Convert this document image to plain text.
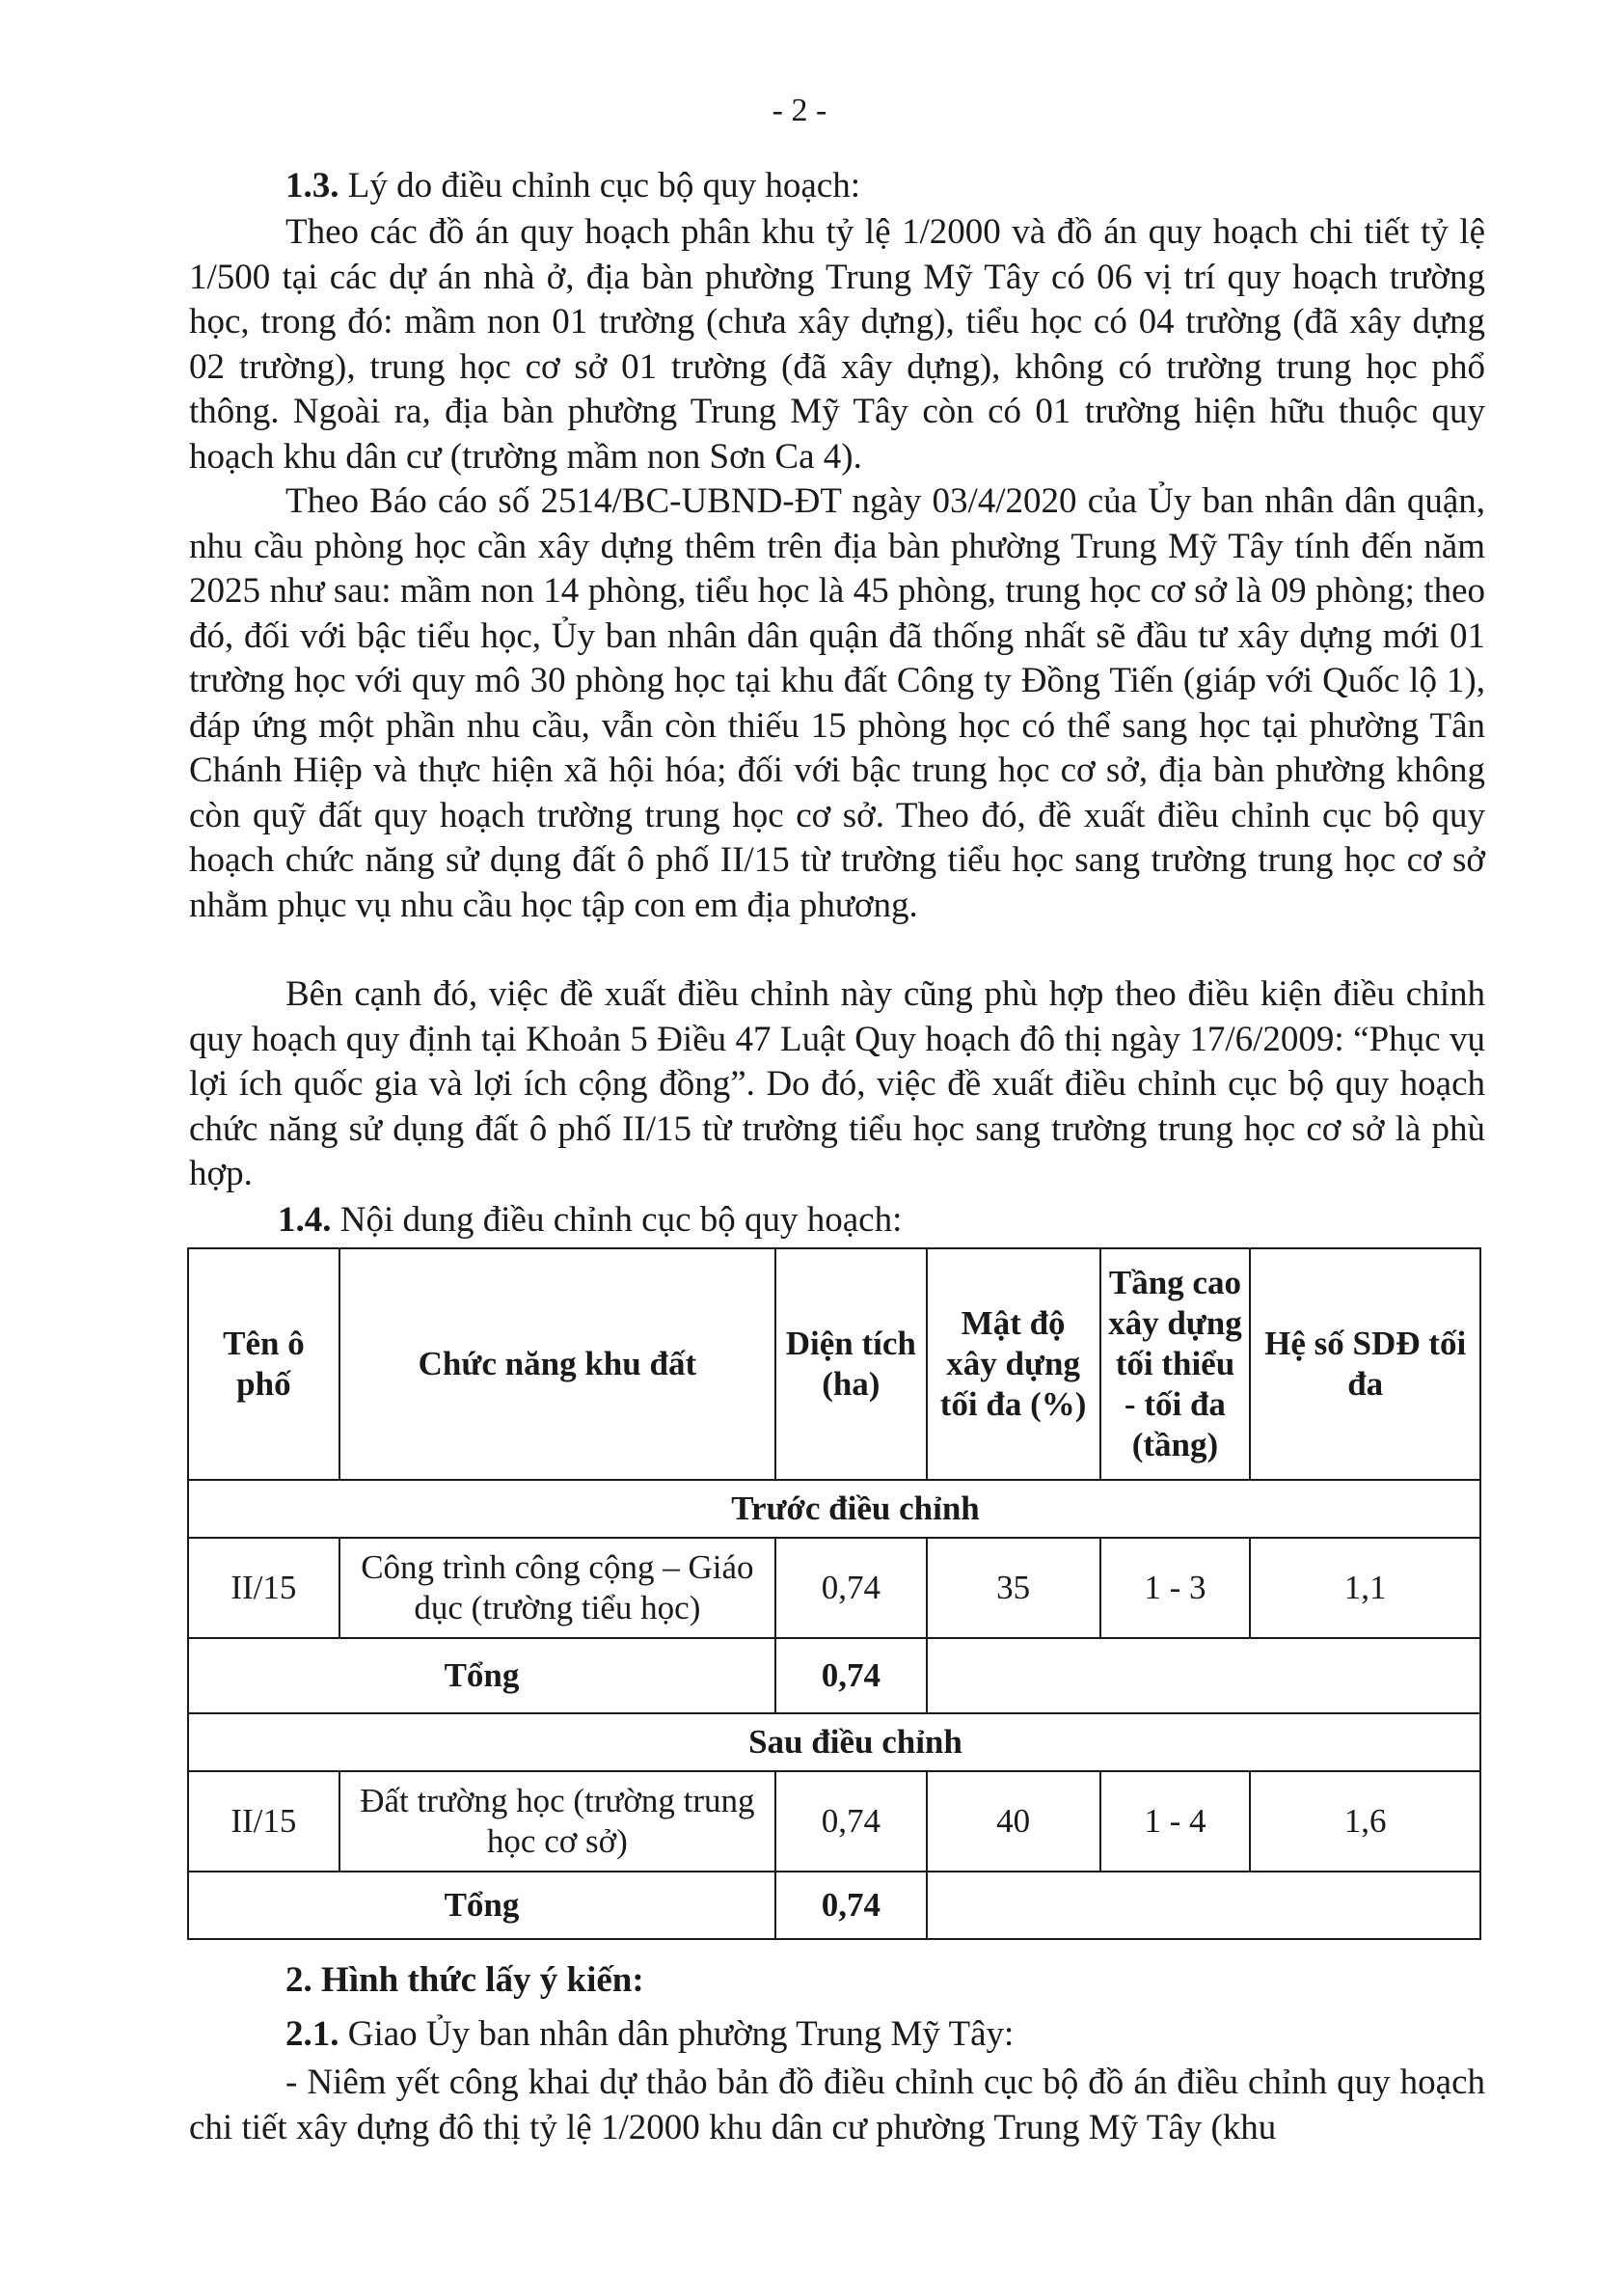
- 2 -
1.3. Lý do điều chỉnh cục bộ quy hoạch:

Theo các đồ án quy hoạch phân khu tỷ lệ 1/2000 và đồ án quy hoạch chi tiết tỷ lệ 1/500 tại các dự án nhà ở, địa bàn phường Trung Mỹ Tây có 06 vị trí quy hoạch trường học, trong đó: mầm non 01 trường (chưa xây dựng), tiểu học có 04 trường (đã xây dựng 02 trường), trung học cơ sở 01 trường (đã xây dựng), không có trường trung học phổ thông. Ngoài ra, địa bàn phường Trung Mỹ Tây còn có 01 trường hiện hữu thuộc quy hoạch khu dân cư (trường mầm non Sơn Ca 4).

Theo Báo cáo số 2514/BC-UBND-ĐT ngày 03/4/2020 của Ủy ban nhân dân quận, nhu cầu phòng học cần xây dựng thêm trên địa bàn phường Trung Mỹ Tây tính đến năm 2025 như sau: mầm non 14 phòng, tiểu học là 45 phòng, trung học cơ sở là 09 phòng; theo đó, đối với bậc tiểu học, Ủy ban nhân dân quận đã thống nhất sẽ đầu tư xây dựng mới 01 trường học với quy mô 30 phòng học tại khu đất Công ty Đồng Tiến (giáp với Quốc lộ 1), đáp ứng một phần nhu cầu, vẫn còn thiếu 15 phòng học có thể sang học tại phường Tân Chánh Hiệp và thực hiện xã hội hóa; đối với bậc trung học cơ sở, địa bàn phường không còn quỹ đất quy hoạch trường trung học cơ sở. Theo đó, đề xuất điều chỉnh cục bộ quy hoạch chức năng sử dụng đất ô phố II/15 từ trường tiểu học sang trường trung học cơ sở nhằm phục vụ nhu cầu học tập con em địa phương.

Bên cạnh đó, việc đề xuất điều chỉnh này cũng phù hợp theo điều kiện điều chỉnh quy hoạch quy định tại Khoản 5 Điều 47 Luật Quy hoạch đô thị ngày 17/6/2009: “Phục vụ lợi ích quốc gia và lợi ích cộng đồng”. Do đó, việc đề xuất điều chỉnh cục bộ quy hoạch chức năng sử dụng đất ô phố II/15 từ trường tiểu học sang trường trung học cơ sở là phù hợp.

1.4. Nội dung điều chỉnh cục bộ quy hoạch:
Tên ô phố		Chức năng khu đất	Diện tích (ha)	Mật độ xây dựng tối đa (%)	Tầng cao xây dựng tối thiểu - tối đa (tầng)	Hệ số SDĐ tối đa
	Trước điều chỉnh					
II/15		Công trình công cộng – Giáo dục (trường tiểu học)	0,74	35	1 - 3	1,1
Tổng			0,74			
	Sau điều chỉnh					
II/15		Đất trường học (trường trung học cơ sở)	0,74	40	1 - 4	1,6
Tổng			0,74			
2. Hình thức lấy ý kiến:
2.1. Giao Ủy ban nhân dân phường Trung Mỹ Tây:

- Niêm yết công khai dự thảo bản đồ điều chỉnh cục bộ đồ án điều chỉnh quy hoạch chi tiết xây dựng đô thị tỷ lệ 1/2000 khu dân cư phường Trung Mỹ Tây (khu
